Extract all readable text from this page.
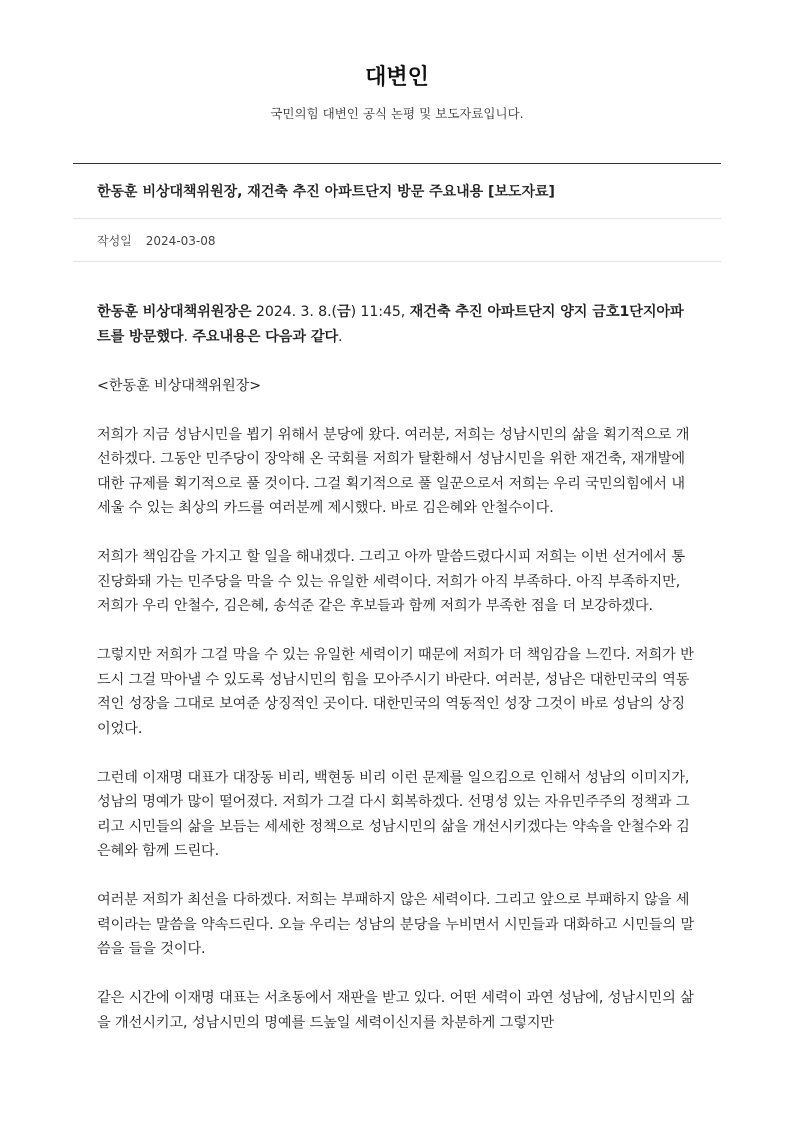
대변인

국민의힘 대변인 공식 논평 및 보도자료입니다.

한동훈 비상대책위원장, 재건축 추진 아파트단지 방문 주요내용 [보도자료]
작성일 2024-03-08

한동훈 비상대책위원장은 2024. 3. 8.(금) 11:45, 재건축 추진 아파트단지 양지 금호1단지아파트를 방문했다. 주요내용은 다음과 같다.

<한동훈 비상대책위원장>

저희가 지금 성남시민을 뵙기 위해서 분당에 왔다. 여러분, 저희는 성남시민의 삶을 획기적으로 개선하겠다. 그동안 민주당이 장악해 온 국회를 저희가 탈환해서 성남시민을 위한 재건축, 재개발에 대한 규제를 획기적으로 풀 것이다. 그걸 획기적으로 풀 일꾼으로서 저희는 우리 국민의힘에서 내세울 수 있는 최상의 카드를 여러분께 제시했다. 바로 김은혜와 안철수이다.

저희가 책임감을 가지고 할 일을 해내겠다. 그리고 아까 말씀드렸다시피 저희는 이번 선거에서 통진당화돼 가는 민주당을 막을 수 있는 유일한 세력이다. 저희가 아직 부족하다. 아직 부족하지만, 저희가 우리 안철수, 김은혜, 송석준 같은 후보들과 함께 저희가 부족한 점을 더 보강하겠다.

그렇지만 저희가 그걸 막을 수 있는 유일한 세력이기 때문에 저희가 더 책임감을 느낀다. 저희가 반드시 그걸 막아낼 수 있도록 성남시민의 힘을 모아주시기 바란다. 여러분, 성남은 대한민국의 역동적인 성장을 그대로 보여준 상징적인 곳이다. 대한민국의 역동적인 성장 그것이 바로 성남의 상징이었다.

그런데 이재명 대표가 대장동 비리, 백현동 비리 이런 문제를 일으킴으로 인해서 성남의 이미지가, 성남의 명예가 많이 떨어졌다. 저희가 그걸 다시 회복하겠다. 선명성 있는 자유민주주의 정책과 그리고 시민들의 삶을 보듬는 세세한 정책으로 성남시민의 삶을 개선시키겠다는 약속을 안철수와 김은혜와 함께 드린다.

여러분 저희가 최선을 다하겠다. 저희는 부패하지 않은 세력이다. 그리고 앞으로 부패하지 않을 세력이라는 말씀을 약속드린다. 오늘 우리는 성남의 분당을 누비면서 시민들과 대화하고 시민들의 말씀을 들을 것이다.

같은 시간에 이재명 대표는 서초동에서 재판을 받고 있다. 어떤 세력이 과연 성남에, 성남시민의 삶을 개선시키고, 성남시민의 명예를 드높일 세력이신지를 차분하게 그렇지만
